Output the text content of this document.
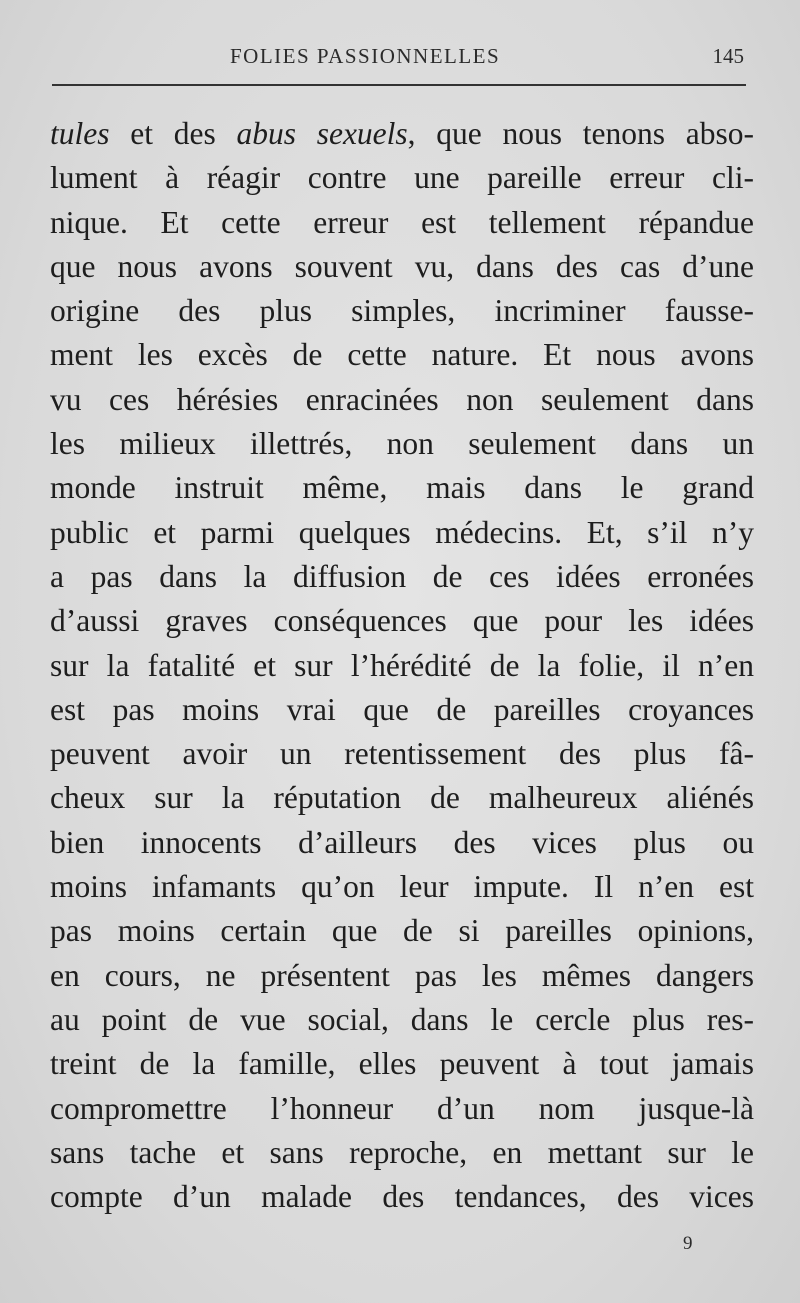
FOLIES PASSIONNELLES	145
tules et des abus sexuels, que nous tenons abso-
lument à réagir contre une pareille erreur cli-
nique. Et cette erreur est tellement répandue
que nous avons souvent vu, dans des cas d’une
origine des plus simples, incriminer fausse-
ment les excès de cette nature. Et nous avons
vu ces hérésies enracinées non seulement dans
les milieux illettrés, non seulement dans un
monde instruit même, mais dans le grand
public et parmi quelques médecins. Et, s’il n’y
a pas dans la diffusion de ces idées erronées
d’aussi graves conséquences que pour les idées
sur la fatalité et sur l’hérédité de la folie, il n’en
est pas moins vrai que de pareilles croyances
peuvent avoir un retentissement des plus fâ-
cheux sur la réputation de malheureux aliénés
bien innocents d’ailleurs des vices plus ou
moins infamants qu’on leur impute. Il n’en est
pas moins certain que de si pareilles opinions,
en cours, ne présentent pas les mêmes dangers
au point de vue social, dans le cercle plus res-
treint de la famille, elles peuvent à tout jamais
compromettre l’honneur d’un nom jusque-là
sans tache et sans reproche, en mettant sur le
compte d’un malade des tendances, des vices
9
